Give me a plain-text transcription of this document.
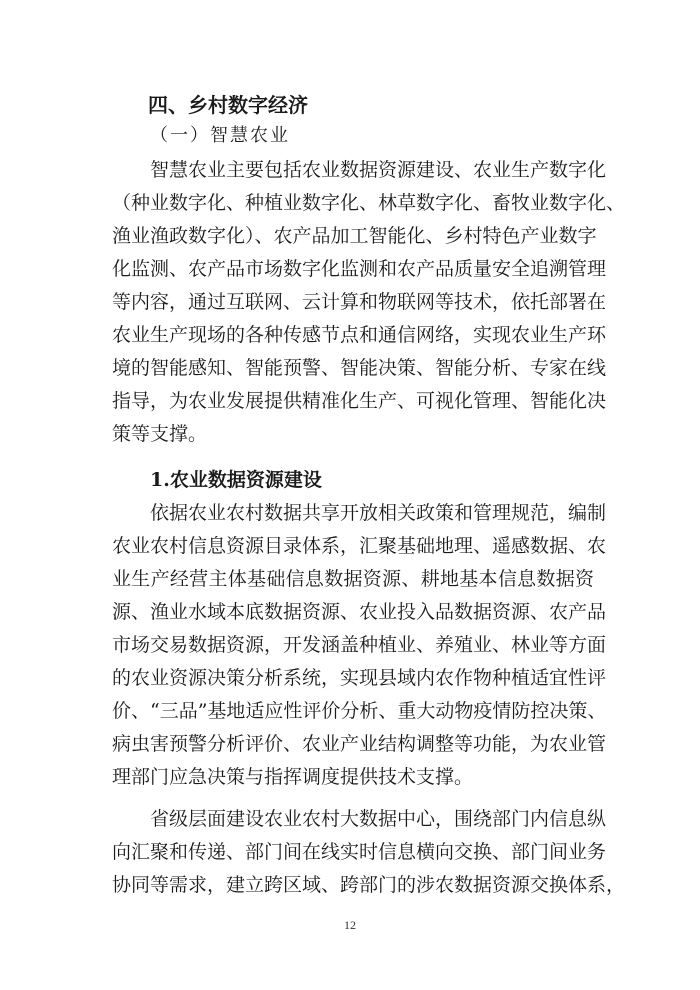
四、乡村数字经济
（一）智慧农业
智慧农业主要包括农业数据资源建设、农业生产数字化
（种业数字化、种植业数字化、林草数字化、畜牧业数字化、
渔业渔政数字化）、农产品加工智能化、乡村特色产业数字
化监测、农产品市场数字化监测和农产品质量安全追溯管理
等内容，通过互联网、云计算和物联网等技术，依托部署在
农业生产现场的各种传感节点和通信网络，实现农业生产环
境的智能感知、智能预警、智能决策、智能分析、专家在线
指导，为农业发展提供精准化生产、可视化管理、智能化决
策等支撑。
1.农业数据资源建设
依据农业农村数据共享开放相关政策和管理规范，编制
农业农村信息资源目录体系，汇聚基础地理、遥感数据、农
业生产经营主体基础信息数据资源、耕地基本信息数据资
源、渔业水域本底数据资源、农业投入品数据资源、农产品
市场交易数据资源，开发涵盖种植业、养殖业、林业等方面
的农业资源决策分析系统，实现县域内农作物种植适宜性评
价、“三品”基地适应性评价分析、重大动物疫情防控决策、
病虫害预警分析评价、农业产业结构调整等功能，为农业管
理部门应急决策与指挥调度提供技术支撑。
省级层面建设农业农村大数据中心，围绕部门内信息纵
向汇聚和传递、部门间在线实时信息横向交换、部门间业务
协同等需求，建立跨区域、跨部门的涉农数据资源交换体系，
12
